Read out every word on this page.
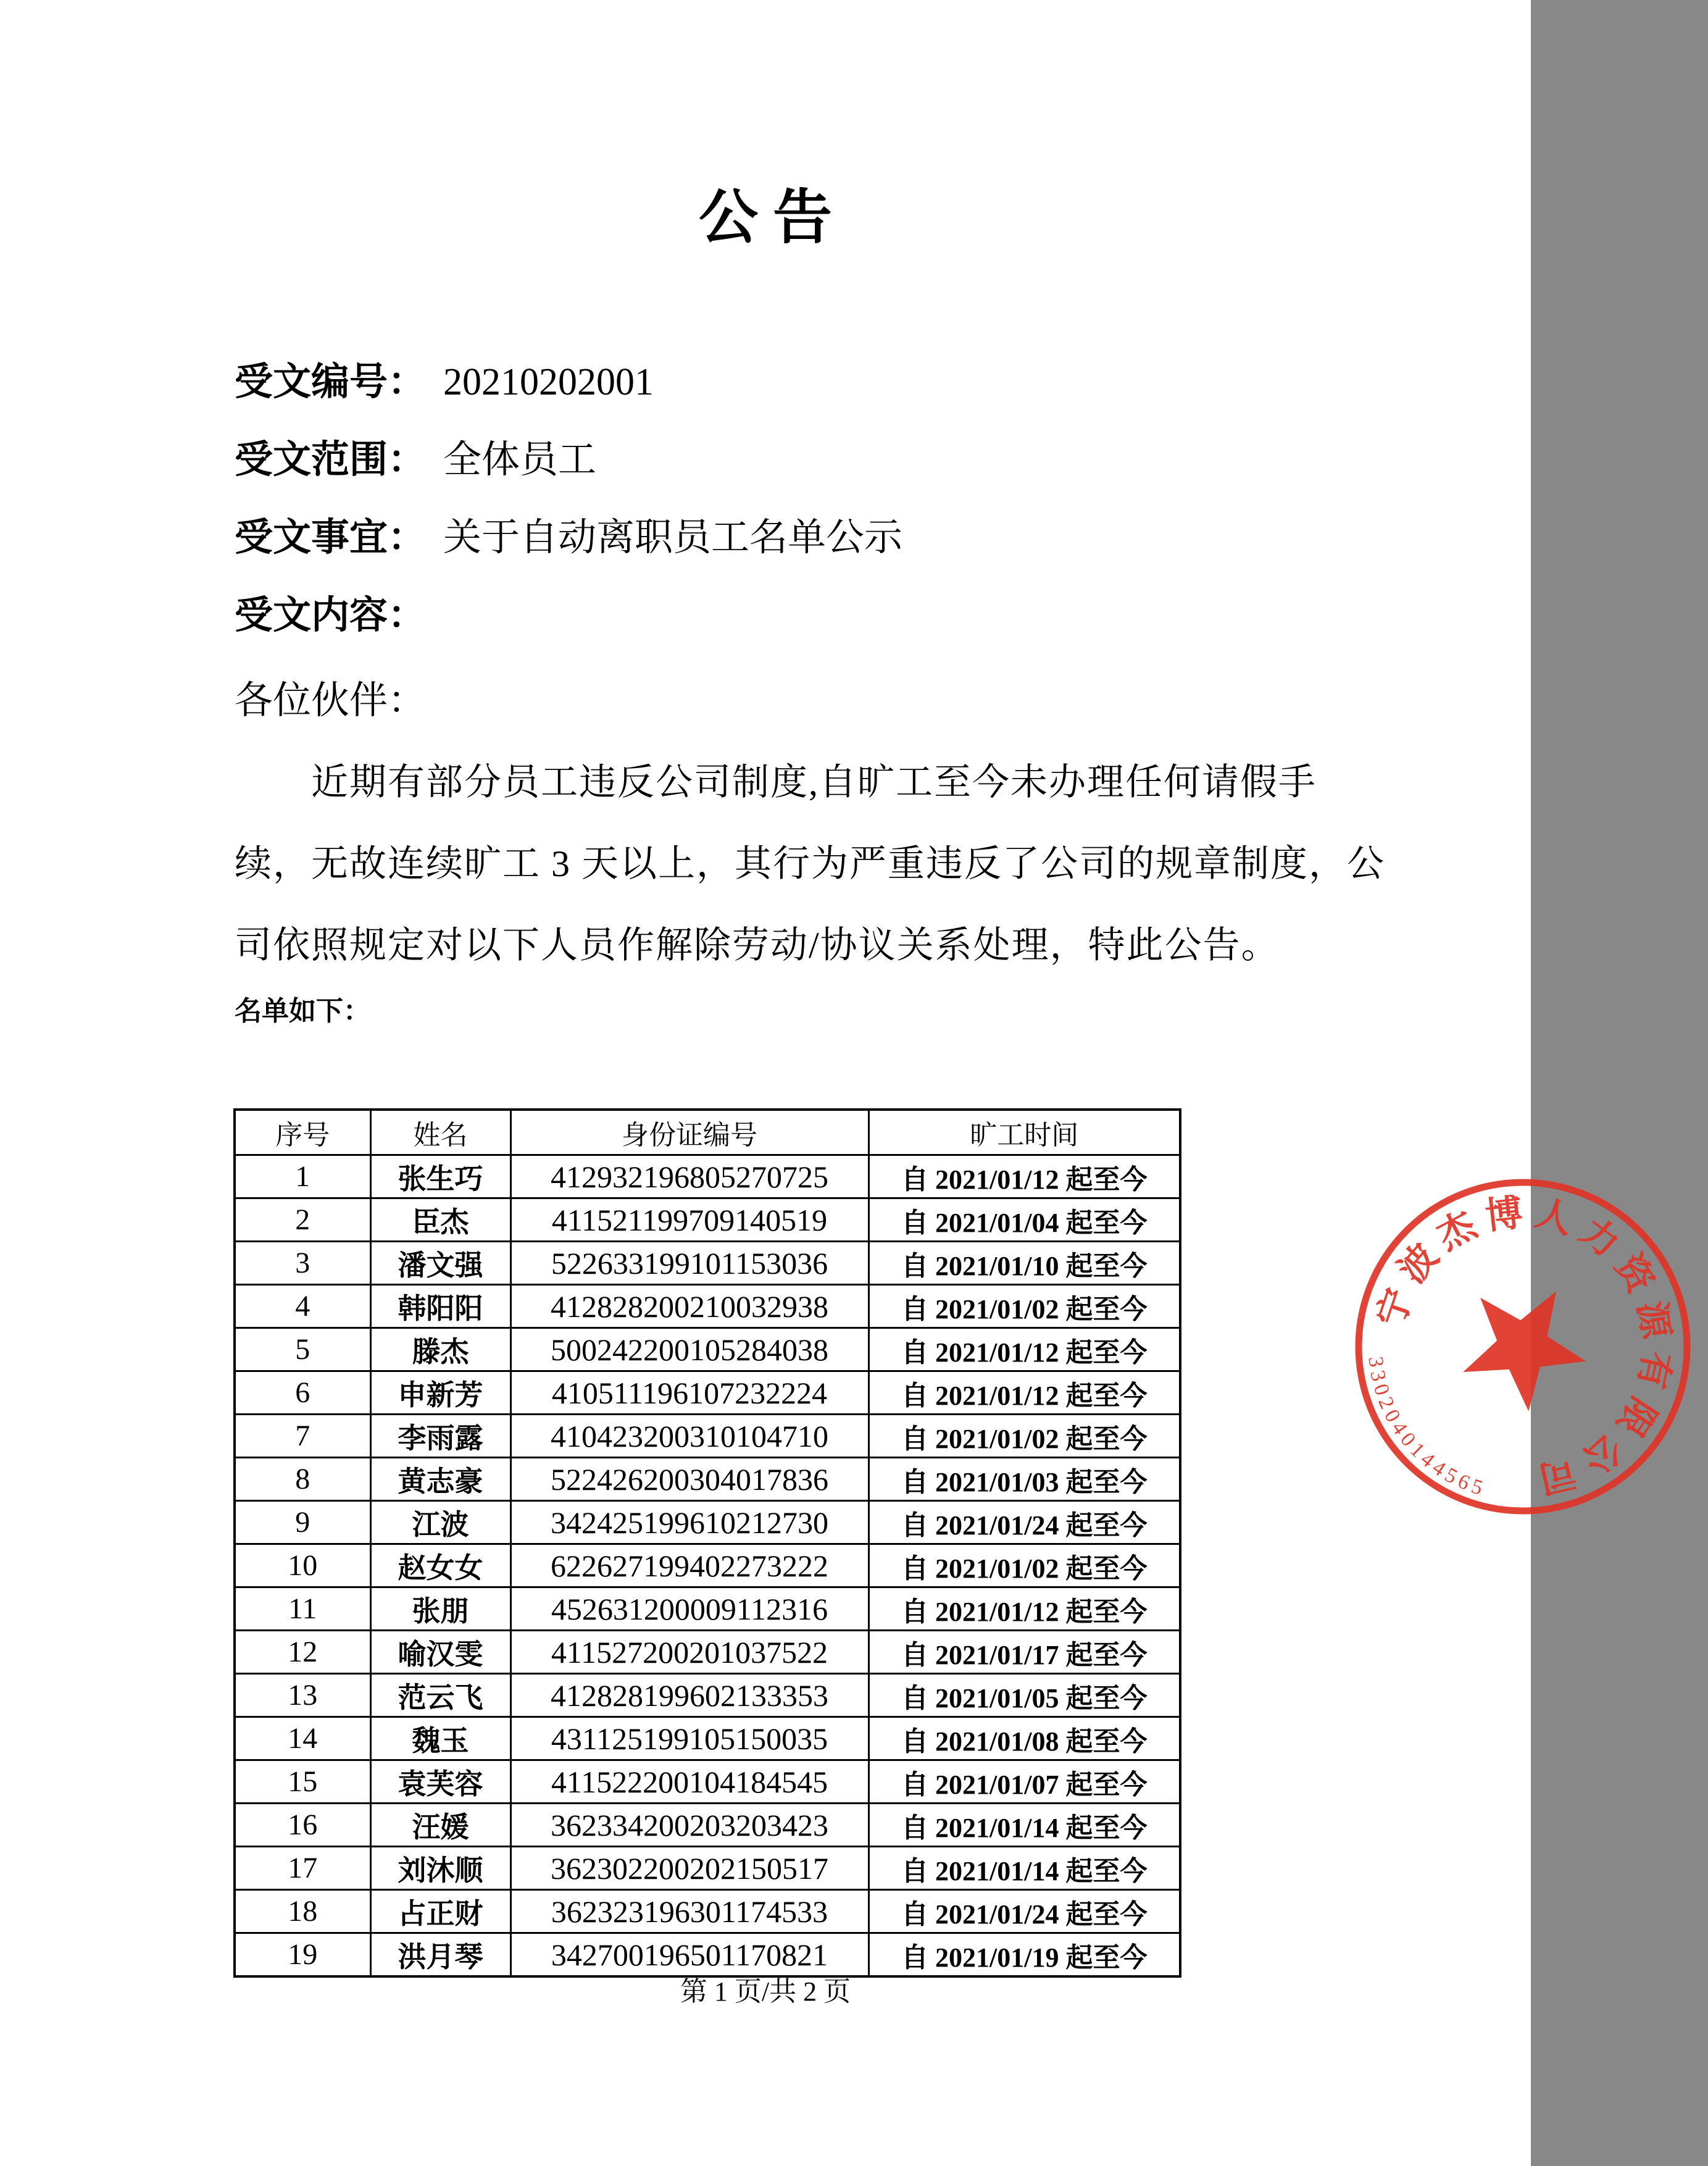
公 告
受文编号： 20210202001
受文范围： 全体员工
受文事宜： 关于自动离职员工名单公示
受文内容：
各位伙伴：
近期有部分员工违反公司制度,自旷工至今未办理任何请假手
续，无故连续旷工 3 天以上，其行为严重违反了公司的规章制度，公
司依照规定对以下人员作解除劳动/协议关系处理，特此公告。
名单如下：
序号	姓名	身份证编号	旷工时间
1	张生巧	412932196805270725	自 2021/01/12 起至今
2	臣杰	411521199709140519	自 2021/01/04 起至今
3	潘文强	522633199101153036	自 2021/01/10 起至今
4	韩阳阳	412828200210032938	自 2021/01/02 起至今
5	滕杰	500242200105284038	自 2021/01/12 起至今
6	申新芳	410511196107232224	自 2021/01/12 起至今
7	李雨露	410423200310104710	自 2021/01/02 起至今
8	黄志豪	522426200304017836	自 2021/01/03 起至今
9	江波	342425199610212730	自 2021/01/24 起至今
10	赵女女	622627199402273222	自 2021/01/02 起至今
11	张朋	452631200009112316	自 2021/01/12 起至今
12	喻汉雯	411527200201037522	自 2021/01/17 起至今
13	范云飞	412828199602133353	自 2021/01/05 起至今
14	魏玉	431125199105150035	自 2021/01/08 起至今
15	袁芙容	411522200104184545	自 2021/01/07 起至今
16	汪媛	362334200203203423	自 2021/01/14 起至今
17	刘沐顺	362302200202150517	自 2021/01/14 起至今
18	占正财	362323196301174533	自 2021/01/24 起至今
19	洪月琴	342700196501170821	自 2021/01/19 起至今
第 1 页/共 2 页
宁波杰博人力资源有限公司
3302040144565
